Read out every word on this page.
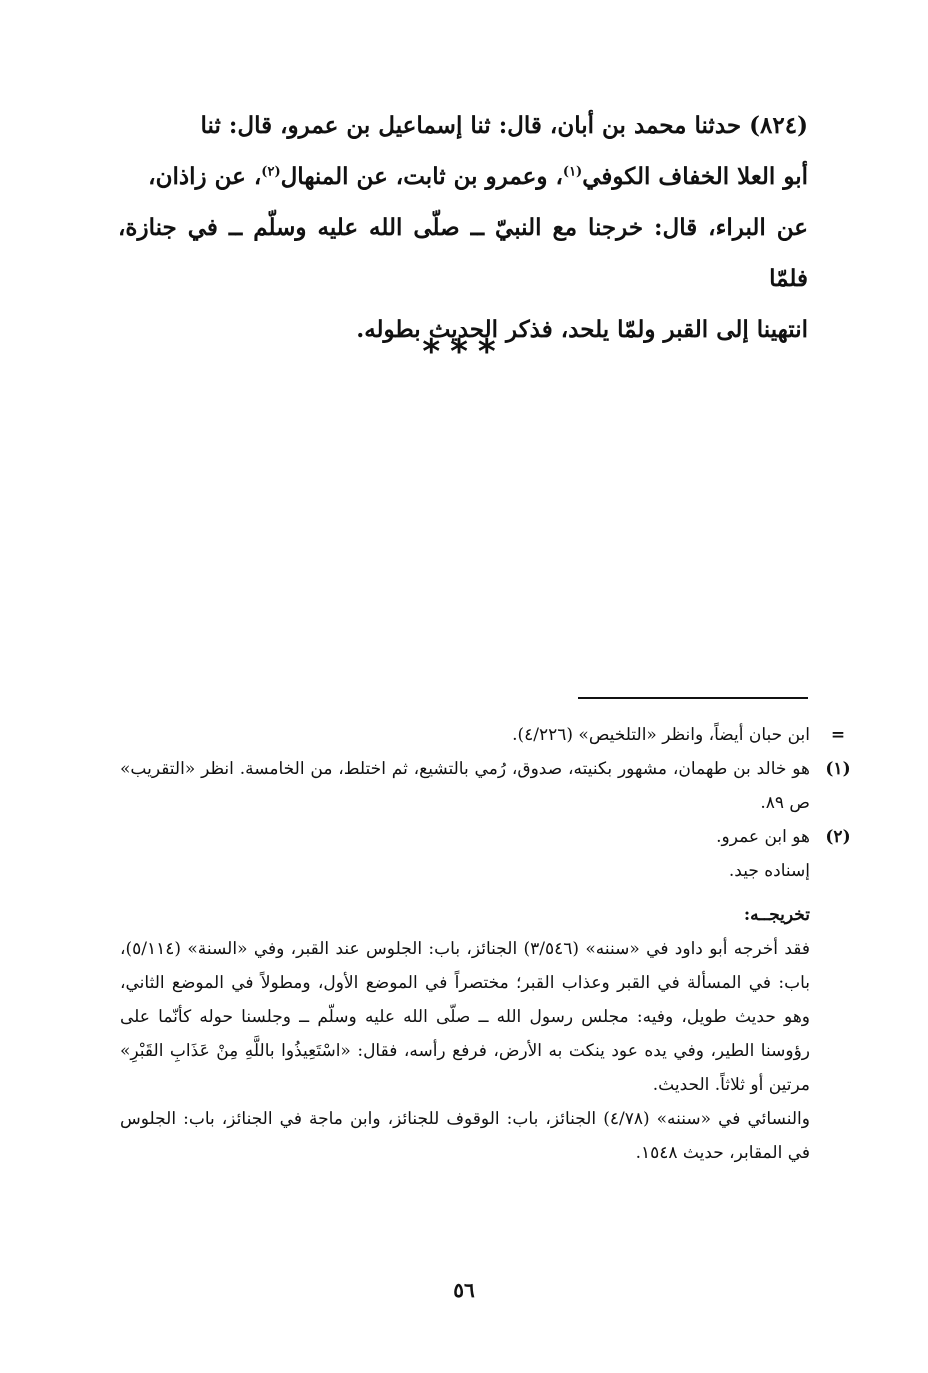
(٨٢٤) حدثنا محمد بن أبان، قال: ثنا إسماعيل بن عمرو، قال: ثنا

أبو العلا الخفاف الكوفي$^{(١)}$، وعمرو بن ثابت، عن المنهال$^{(٢)}$، عن زاذان،

عن البراء، قال: خرجنا مع النبيّ ــ صلّى الله عليه وسلّم ــ في جنازة، فلمّا

انتهينا إلى القبر ولمّا يلحد، فذكر الحديث بطوله.

***
=

ابن حبان أيضاً، وانظر «التلخيص» (٤/٢٢٦).

(١)

هو خالد بن طهمان، مشهور بكنيته، صدوق، رُمي بالتشيع، ثم اختلط، من الخامسة. انظر «التقريب» ص ٨٩.

(٢)

هو ابن عمرو.

إسناده جيد.

تخريجــه:

فقد أخرجه أبو داود في «سننه» (٣/٥٤٦) الجنائز، باب: الجلوس عند القبر، وفي «السنة» (٥/١١٤)، باب: في المسألة في القبر وعذاب القبر؛ مختصراً في الموضع الأول، ومطولاً في الموضع الثاني، وهو حديث طويل، وفيه: مجلس رسول الله ــ صلّى الله عليه وسلّم ــ وجلسنا حوله كأنّما على رؤوسنا الطير، وفي يده عود ينكت به الأرض، فرفع رأسه، فقال: «اسْتَعِيذُوا باللَّهِ مِنْ عَذَابِ القَبْرِ» مرتين أو ثلاثاً. الحديث.

والنسائي في «سننه» (٤/٧٨) الجنائز، باب: الوقوف للجنائز، وابن ماجة في الجنائز، باب: الجلوس في المقابر، حديث ١٥٤٨.

٥٦
